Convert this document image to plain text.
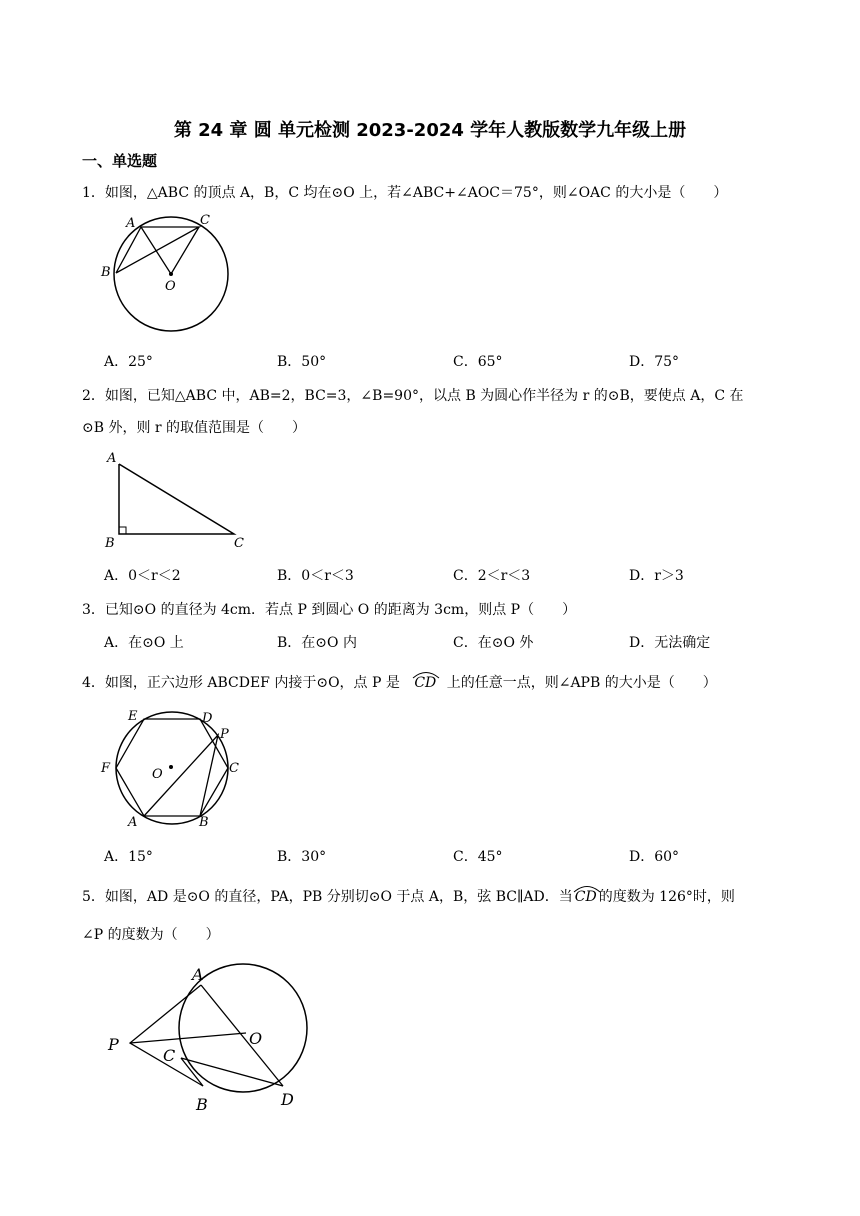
第 24 章 圆 单元检测 2023-2024 学年人教版数学九年级上册
一、单选题
1．如图，△ABC 的顶点 A，B，C 均在⊙O 上，若∠ABC+∠AOC＝75°，则∠OAC 的大小是（　　）
A	C
B
O
A．25°	B．50°	C．65°	D．75°
2．如图，已知△ABC 中，AB=2，BC=3，∠B=90°，以点 B 为圆心作半径为 r 的⊙B，要使点 A，C 在
⊙B 外，则 r 的取值范围是（　　）
A
B	C
A．0＜r＜2	B．0＜r＜3	C．2＜r＜3	D．r＞3
3．已知⊙O 的直径为 4cm．若点 P 到圆心 O 的距离为 3cm，则点 P（　　）
A．在⊙O 上	B．在⊙O 内	C．在⊙O 外	D．无法确定
4．如图，正六边形 ABCDEF 内接于⊙O，点 P 是 CD 上的任意一点，则∠APB 的大小是（　　）
E	D
P
F	O	C
A	B
A．15°	B．30°	C．45°	D．60°
5．如图，AD 是⊙O 的直径，PA，PB 分别切⊙O 于点 A，B，弦 BC∥AD．当 CD 的度数为 126°时，则
∠P 的度数为（　　）
A
O
P
C
B	D
